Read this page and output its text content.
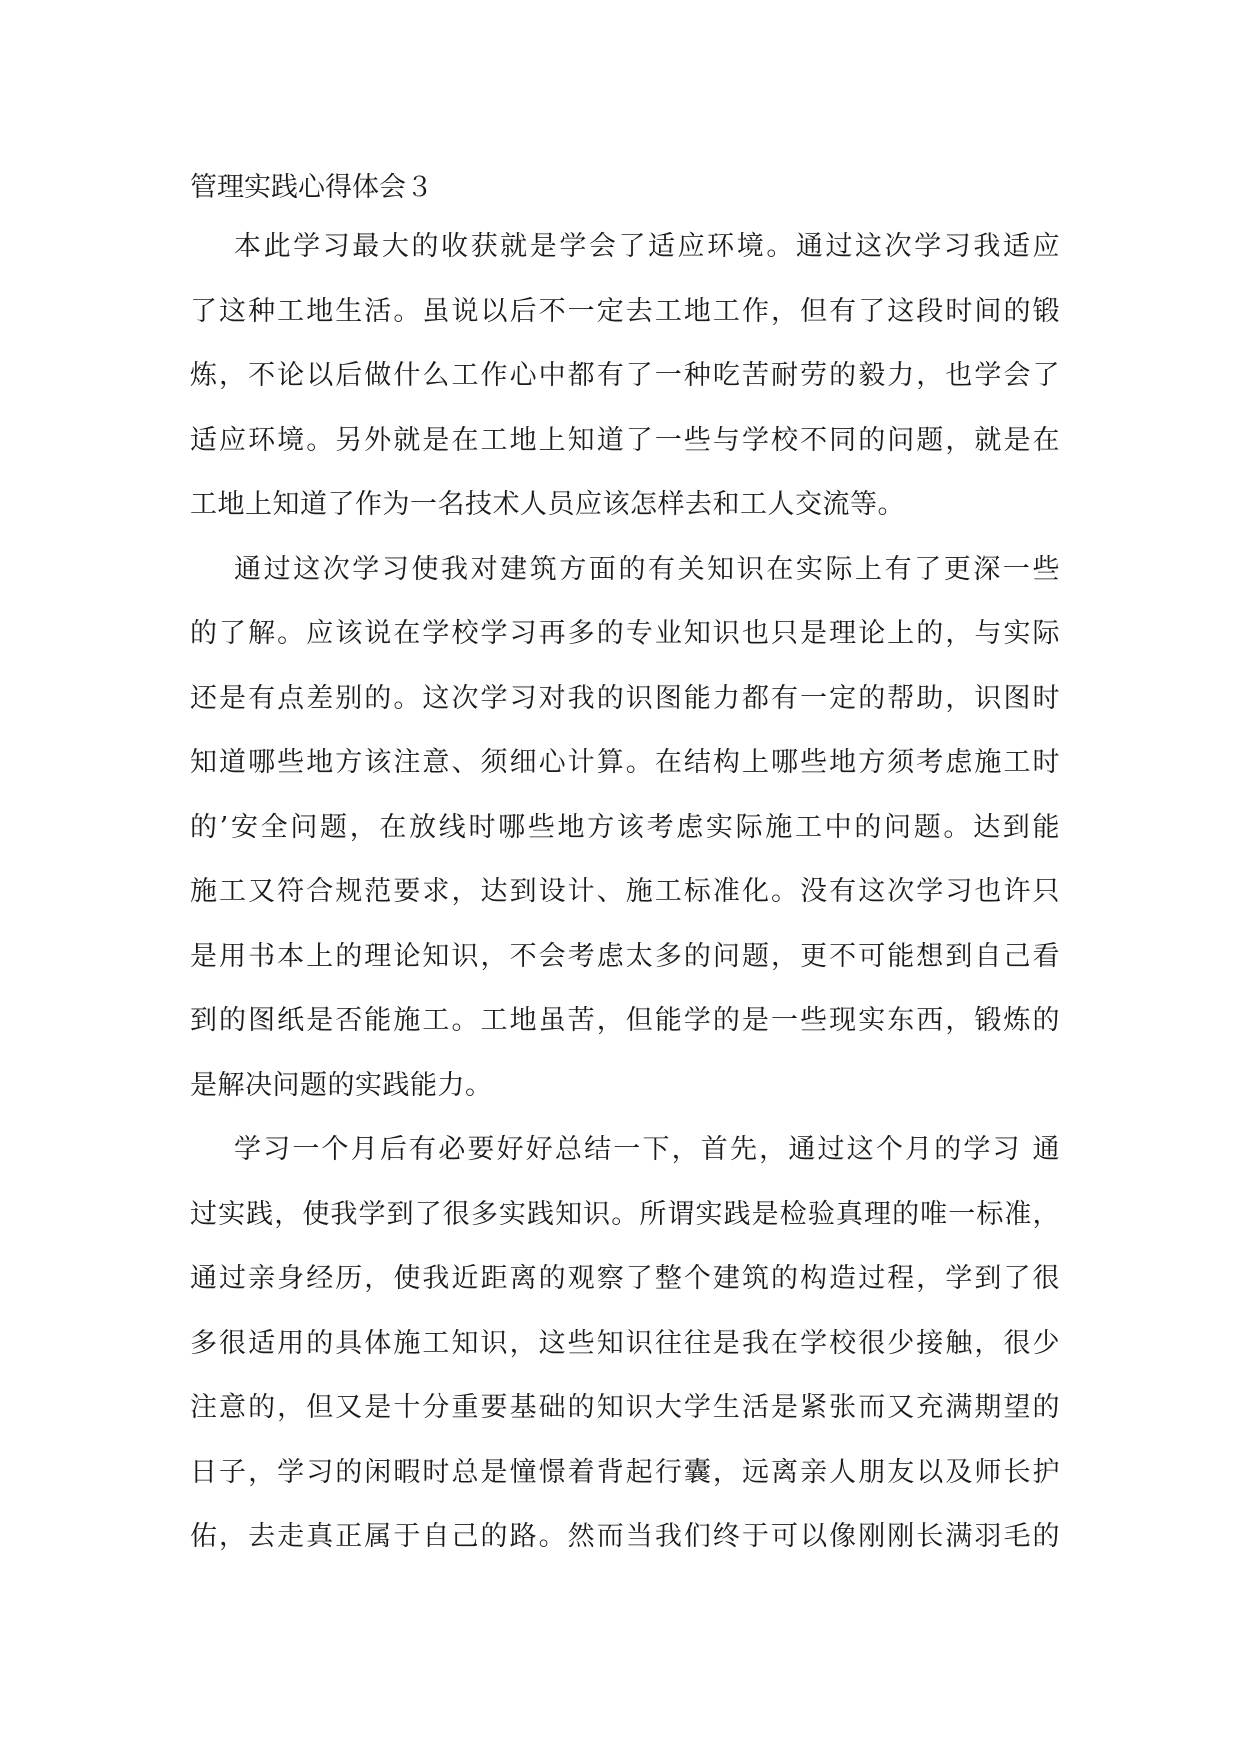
管理实践心得体会３
本此学习最大的收获就是学会了适应环境。通过这次学习我适应
了这种工地生活。虽说以后不一定去工地工作，但有了这段时间的锻
炼，不论以后做什么工作心中都有了一种吃苦耐劳的毅力，也学会了
适应环境。另外就是在工地上知道了一些与学校不同的问题，就是在
工地上知道了作为一名技术人员应该怎样去和工人交流等。
通过这次学习使我对建筑方面的有关知识在实际上有了更深一些
的了解。应该说在学校学习再多的专业知识也只是理论上的，与实际
还是有点差别的。这次学习对我的识图能力都有一定的帮助，识图时
知道哪些地方该注意、须细心计算。在结构上哪些地方须考虑施工时
的’安全问题，在放线时哪些地方该考虑实际施工中的问题。达到能
施工又符合规范要求，达到设计、施工标准化。没有这次学习也许只
是用书本上的理论知识，不会考虑太多的问题，更不可能想到自己看
到的图纸是否能施工。工地虽苦，但能学的是一些现实东西，锻炼的
是解决问题的实践能力。
学习一个月后有必要好好总结一下，首先，通过这个月的学习 通
过实践，使我学到了很多实践知识。所谓实践是检验真理的唯一标准，
通过亲身经历，使我近距离的观察了整个建筑的构造过程，学到了很
多很适用的具体施工知识，这些知识往往是我在学校很少接触，很少
注意的，但又是十分重要基础的知识大学生活是紧张而又充满期望的
日子，学习的闲暇时总是憧憬着背起行囊，远离亲人朋友以及师长护
佑，去走真正属于自己的路。然而当我们终于可以像刚刚长满羽毛的
